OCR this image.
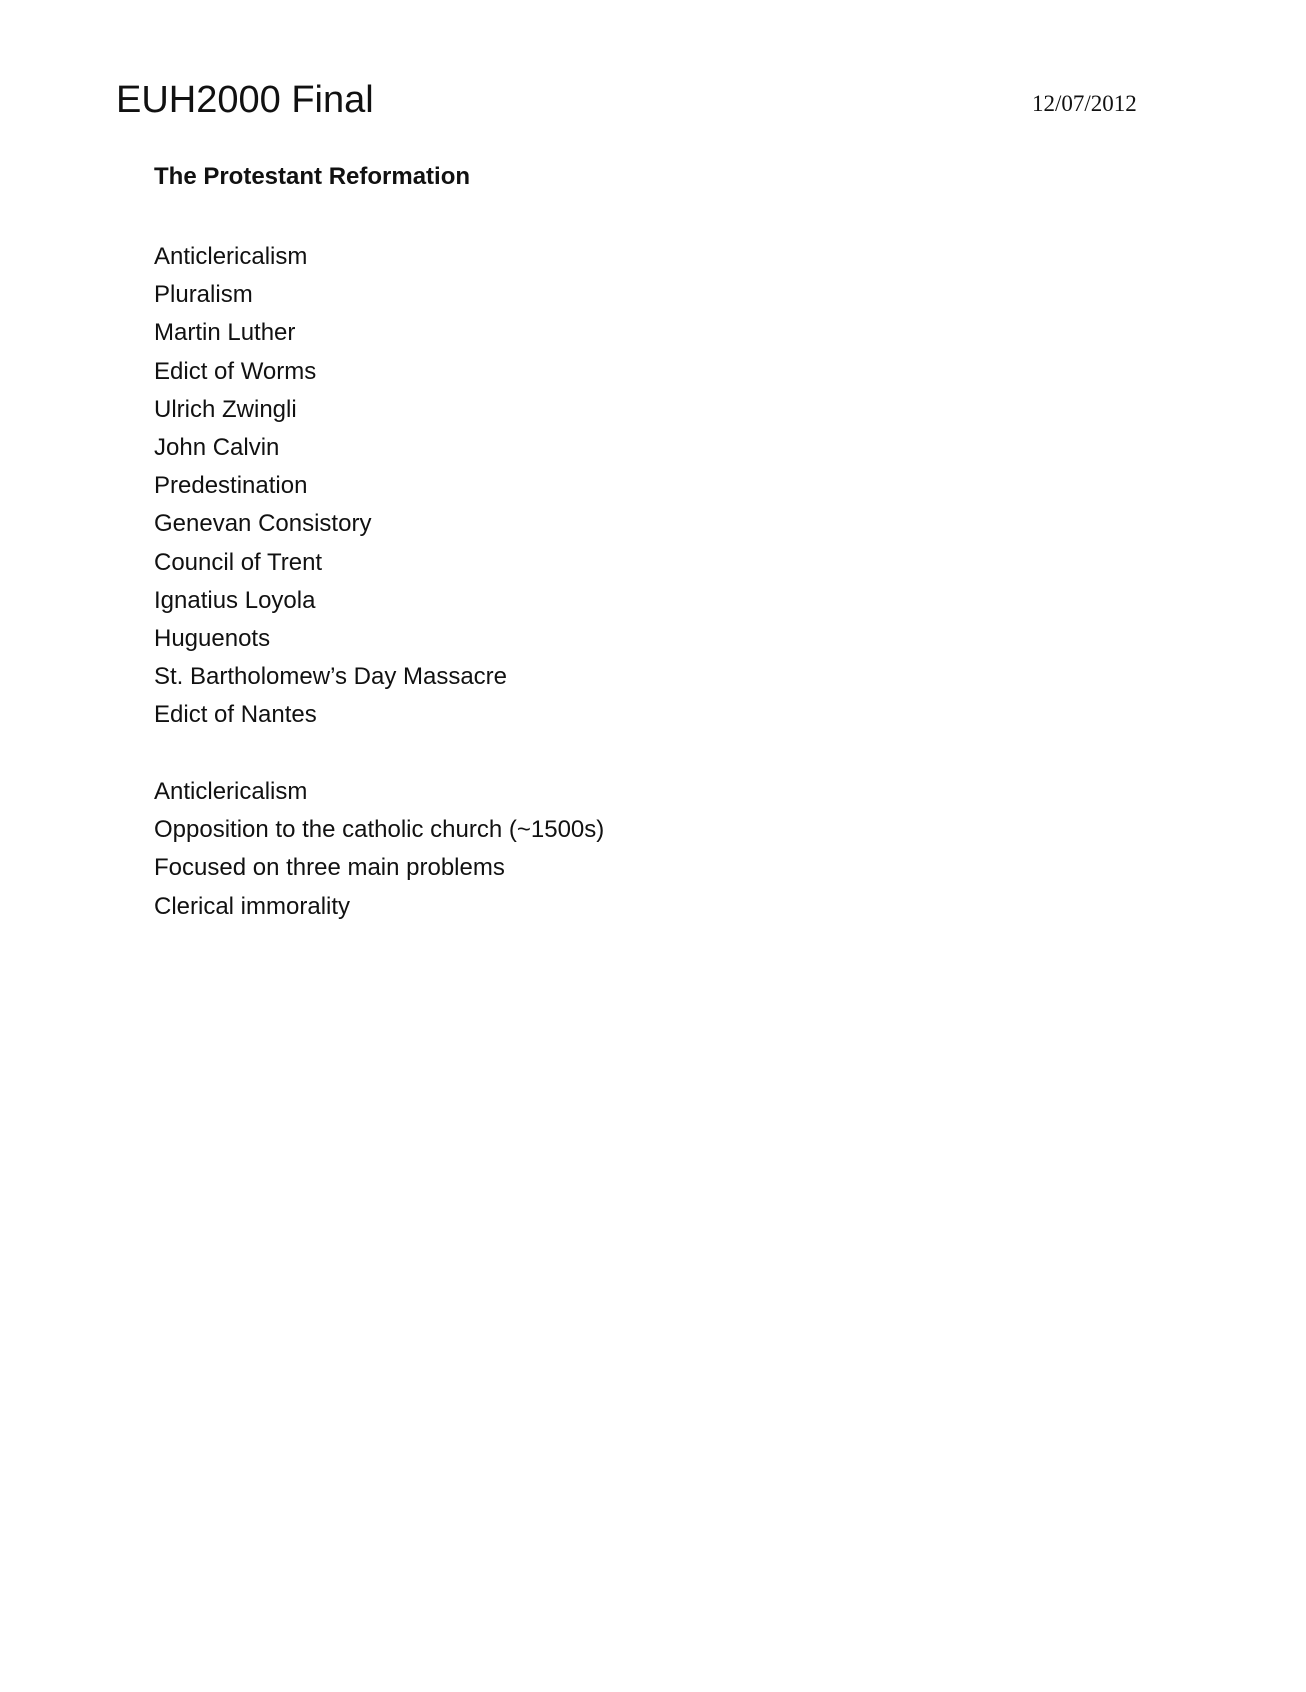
EUH2000 Final	12/07/2012
The Protestant Reformation
Anticlericalism
Pluralism
Martin Luther
Edict of Worms
Ulrich Zwingli
John Calvin
Predestination
Genevan Consistory
Council of Trent
Ignatius Loyola
Huguenots
St. Bartholomew’s Day Massacre
Edict of Nantes
Anticlericalism
Opposition to the catholic church (~1500s)
Focused on three main problems
Clerical immorality
